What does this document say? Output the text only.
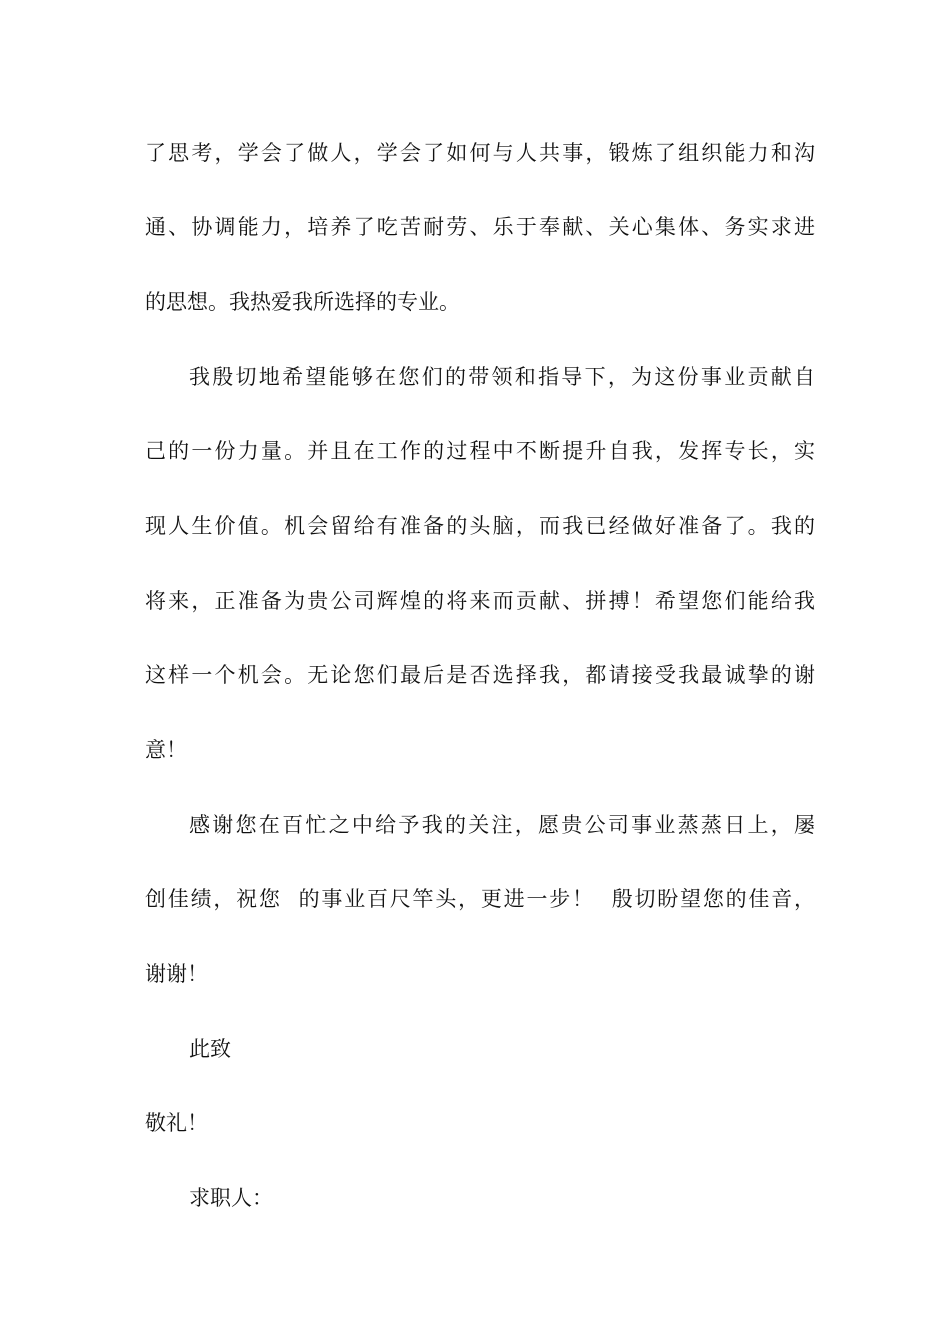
了思考，学会了做人，学会了如何与人共事，锻炼了组织能力和沟

通、协调能力，培养了吃苦耐劳、乐于奉献、关心集体、务实求进

的思想。我热爱我所选择的专业。

我殷切地希望能够在您们的带领和指导下，为这份事业贡献自

己的一份力量。并且在工作的过程中不断提升自我，发挥专长，实

现人生价值。机会留给有准备的头脑，而我已经做好准备了。我的

将来，正准备为贵公司辉煌的将来而贡献、拼搏！希望您们能给我

这样一个机会。无论您们最后是否选择我，都请接受我最诚挚的谢

意！

感谢您在百忙之中给予我的关注，愿贵公司事业蒸蒸日上，屡

创佳绩，祝您  的事业百尺竿头，更进一步！  殷切盼望您的佳音，

谢谢！

此致

敬礼！

求职人：
